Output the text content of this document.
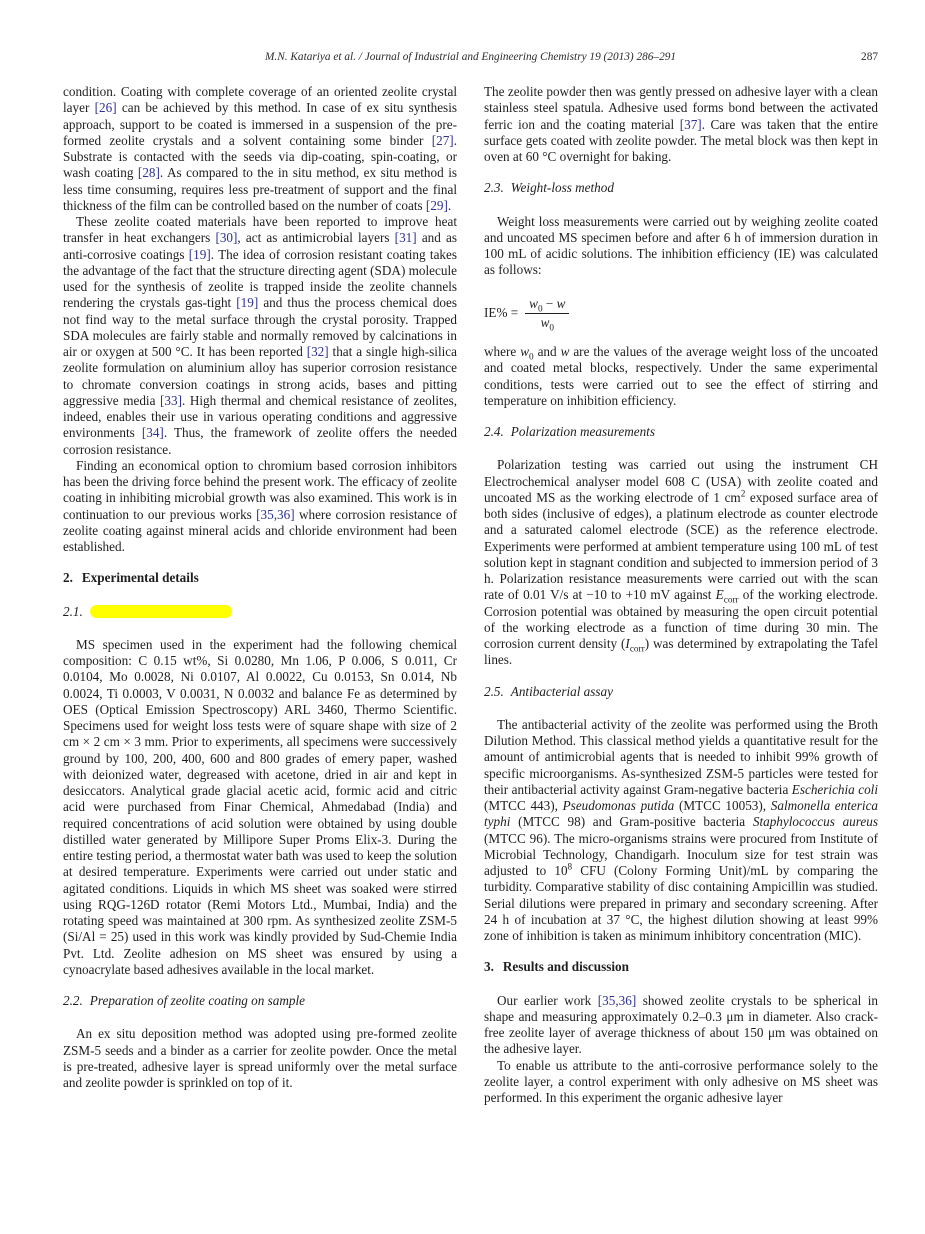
M.N. Katariya et al. / Journal of Industrial and Engineering Chemistry 19 (2013) 286–291	287

condition. Coating with complete coverage of an oriented zeolite crystal layer [26] can be achieved by this method. In case of ex situ synthesis approach, support to be coated is immersed in a suspension of the pre-formed zeolite crystals and a solvent containing some binder [27]. Substrate is contacted with the seeds via dip-coating, spin-coating, or wash coating [28]. As compared to the in situ method, ex situ method is less time consuming, requires less pre-treatment of support and the final thickness of the film can be controlled based on the number of coats [29].

These zeolite coated materials have been reported to improve heat transfer in heat exchangers [30], act as antimicrobial layers [31] and as anti-corrosive coatings [19]. The idea of corrosion resistant coating takes the advantage of the fact that the structure directing agent (SDA) molecule used for the synthesis of zeolite is trapped inside the zeolite channels rendering the crystals gas-tight [19] and thus the process chemical does not find way to the metal surface through the crystal porosity. Trapped SDA molecules are fairly stable and normally removed by calcinations in air or oxygen at 500 °C. It has been reported [32] that a single high-silica zeolite formulation on aluminium alloy has superior corrosion resistance to chromate conversion coatings in strong acids, bases and pitting aggressive media [33]. High thermal and chemical resistance of zeolites, indeed, enables their use in various operating conditions and aggressive environments [34]. Thus, the framework of zeolite offers the needed corrosion resistance.

Finding an economical option to chromium based corrosion inhibitors has been the driving force behind the present work. The efficacy of zeolite coating in inhibiting microbial growth was also examined. This work is in continuation to our previous works [35,36] where corrosion resistance of zeolite coating against mineral acids and chloride environment had been established.

2. Experimental details
2.1.

MS specimen used in the experiment had the following chemical composition: C 0.15 wt%, Si 0.0280, Mn 1.06, P 0.006, S 0.011, Cr 0.0104, Mo 0.0028, Ni 0.0107, Al 0.0022, Cu 0.0153, Sn 0.014, Nb 0.0024, Ti 0.0003, V 0.0031, N 0.0032 and balance Fe as determined by OES (Optical Emission Spectroscopy) ARL 3460, Thermo Scientific. Specimens used for weight loss tests were of square shape with size of 2 cm × 2 cm × 3 mm. Prior to experiments, all specimens were successively ground by 100, 200, 400, 600 and 800 grades of emery paper, washed with deionized water, degreased with acetone, dried in air and kept in desiccators. Analytical grade glacial acetic acid, formic acid and citric acid were purchased from Finar Chemical, Ahmedabad (India) and required concentrations of acid solution were obtained by using double distilled water generated by Millipore Super Proms Elix-3. During the entire testing period, a thermostat water bath was used to keep the solution at desired temperature. Experiments were carried out under static and agitated conditions. Liquids in which MS sheet was soaked were stirred using RQG-126D rotator (Remi Motors Ltd., Mumbai, India) and the rotating speed was maintained at 300 rpm. As synthesized zeolite ZSM-5 (Si/Al = 25) used in this work was kindly provided by Sud-Chemie India Pvt. Ltd. Zeolite adhesion on MS sheet was ensured by using a cynoacrylate based adhesives available in the local market.

2.2. Preparation of zeolite coating on sample

An ex situ deposition method was adopted using pre-formed zeolite ZSM-5 seeds and a binder as a carrier for zeolite powder. Once the metal is pre-treated, adhesive layer is spread uniformly over the metal surface and zeolite powder is sprinkled on top of it.

The zeolite powder then was gently pressed on adhesive layer with a clean stainless steel spatula. Adhesive used forms bond between the activated ferric ion and the coating material [37]. Care was taken that the entire surface gets coated with zeolite powder. The metal block was then kept in oven at 60 °C overnight for baking.

2.3. Weight-loss method

Weight loss measurements were carried out by weighing zeolite coated and uncoated MS specimen before and after 6 h of immersion duration in 100 mL of acidic solutions. The inhibition efficiency (IE) was calculated as follows:

$IE\% = \frac{w_0 - w}{w_0}$

where $w_0$ and w are the values of the average weight loss of the uncoated and coated metal blocks, respectively. Under the same experimental conditions, tests were carried out to see the effect of stirring and temperature on inhibition efficiency.

2.4. Polarization measurements

Polarization testing was carried out using the instrument CH Electrochemical analyser model 608 C (USA) with zeolite coated and uncoated MS as the working electrode of 1 $cm^2$ exposed surface area of both sides (inclusive of edges), a platinum electrode as counter electrode and a saturated calomel electrode (SCE) as the reference electrode. Experiments were performed at ambient temperature using 100 mL of test solution kept in stagnant condition and subjected to immersion period of 3 h. Polarization resistance measurements were carried out with the scan rate of 0.01 V/s at −10 to +10 mV against $E_{corr}$ of the working electrode. Corrosion potential was obtained by measuring the open circuit potential of the working electrode as a function of time during 30 min. The corrosion current density $(I_{corr})$ was determined by extrapolating the Tafel lines.

2.5. Antibacterial assay

The antibacterial activity of the zeolite was performed using the Broth Dilution Method. This classical method yields a quantitative result for the amount of antimicrobial agents that is needed to inhibit 99% growth of specific microorganisms. As-synthesized ZSM-5 particles were tested for their antibacterial activity against Gram-negative bacteria Escherichia coli (MTCC 443), Pseudomonas putida (MTCC 10053), Salmonella enterica typhi (MTCC 98) and Gram-positive bacteria Staphylococcus aureus (MTCC 96). The micro-organisms strains were procured from Institute of Microbial Technology, Chandigarh. Inoculum size for test strain was adjusted to $10^8$ CFU (Colony Forming Unit)/mL by comparing the turbidity. Comparative stability of disc containing Ampicillin was studied. Serial dilutions were prepared in primary and secondary screening. After 24 h of incubation at 37 °C, the highest dilution showing at least 99% zone of inhibition is taken as minimum inhibitory concentration (MIC).

3. Results and discussion

Our earlier work [35,36] showed zeolite crystals to be spherical in shape and measuring approximately 0.2–0.3 μm in diameter. Also crack-free zeolite layer of average thickness of about 150 μm was obtained on the adhesive layer.

To enable us attribute to the anti-corrosive performance solely to the zeolite layer, a control experiment with only adhesive on MS sheet was performed. In this experiment the organic adhesive layer
